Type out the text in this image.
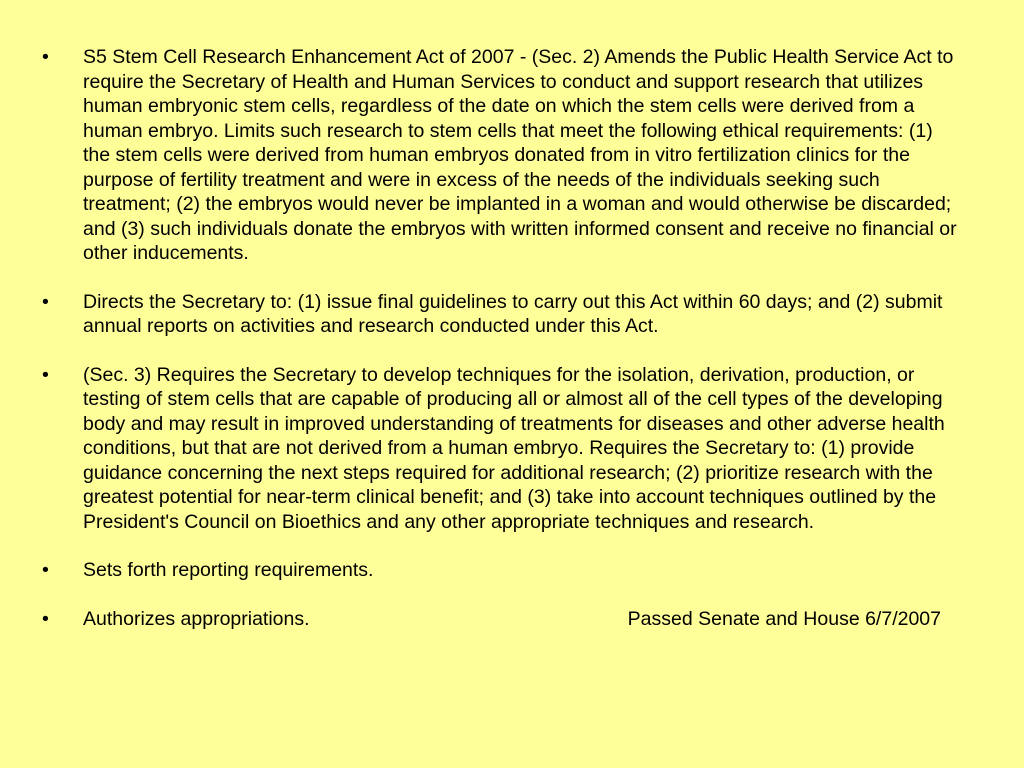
•	S5 Stem Cell Research Enhancement Act of 2007 - (Sec. 2) Amends the Public Health Service Act to require the Secretary of Health and Human Services to conduct and support research that utilizes human embryonic stem cells, regardless of the date on which the stem cells were derived from a human embryo. Limits such research to stem cells that meet the following ethical requirements: (1) the stem cells were derived from human embryos donated from in vitro fertilization clinics for the purpose of fertility treatment and were in excess of the needs of the individuals seeking such treatment; (2) the embryos would never be implanted in a woman and would otherwise be discarded; and (3) such individuals donate the embryos with written informed consent and receive no financial or other inducements.
•	Directs the Secretary to: (1) issue final guidelines to carry out this Act within 60 days; and (2) submit annual reports on activities and research conducted under this Act.
•	(Sec. 3) Requires the Secretary to develop techniques for the isolation, derivation, production, or testing of stem cells that are capable of producing all or almost all of the cell types of the developing body and may result in improved understanding of treatments for diseases and other adverse health conditions, but that are not derived from a human embryo. Requires the Secretary to: (1) provide guidance concerning the next steps required for additional research; (2) prioritize research with the greatest potential for near-term clinical benefit; and (3) take into account techniques outlined by the President's Council on Bioethics and any other appropriate techniques and research.
•	Sets forth reporting requirements.
•	Authorizes appropriations.	Passed Senate and House 6/7/2007
